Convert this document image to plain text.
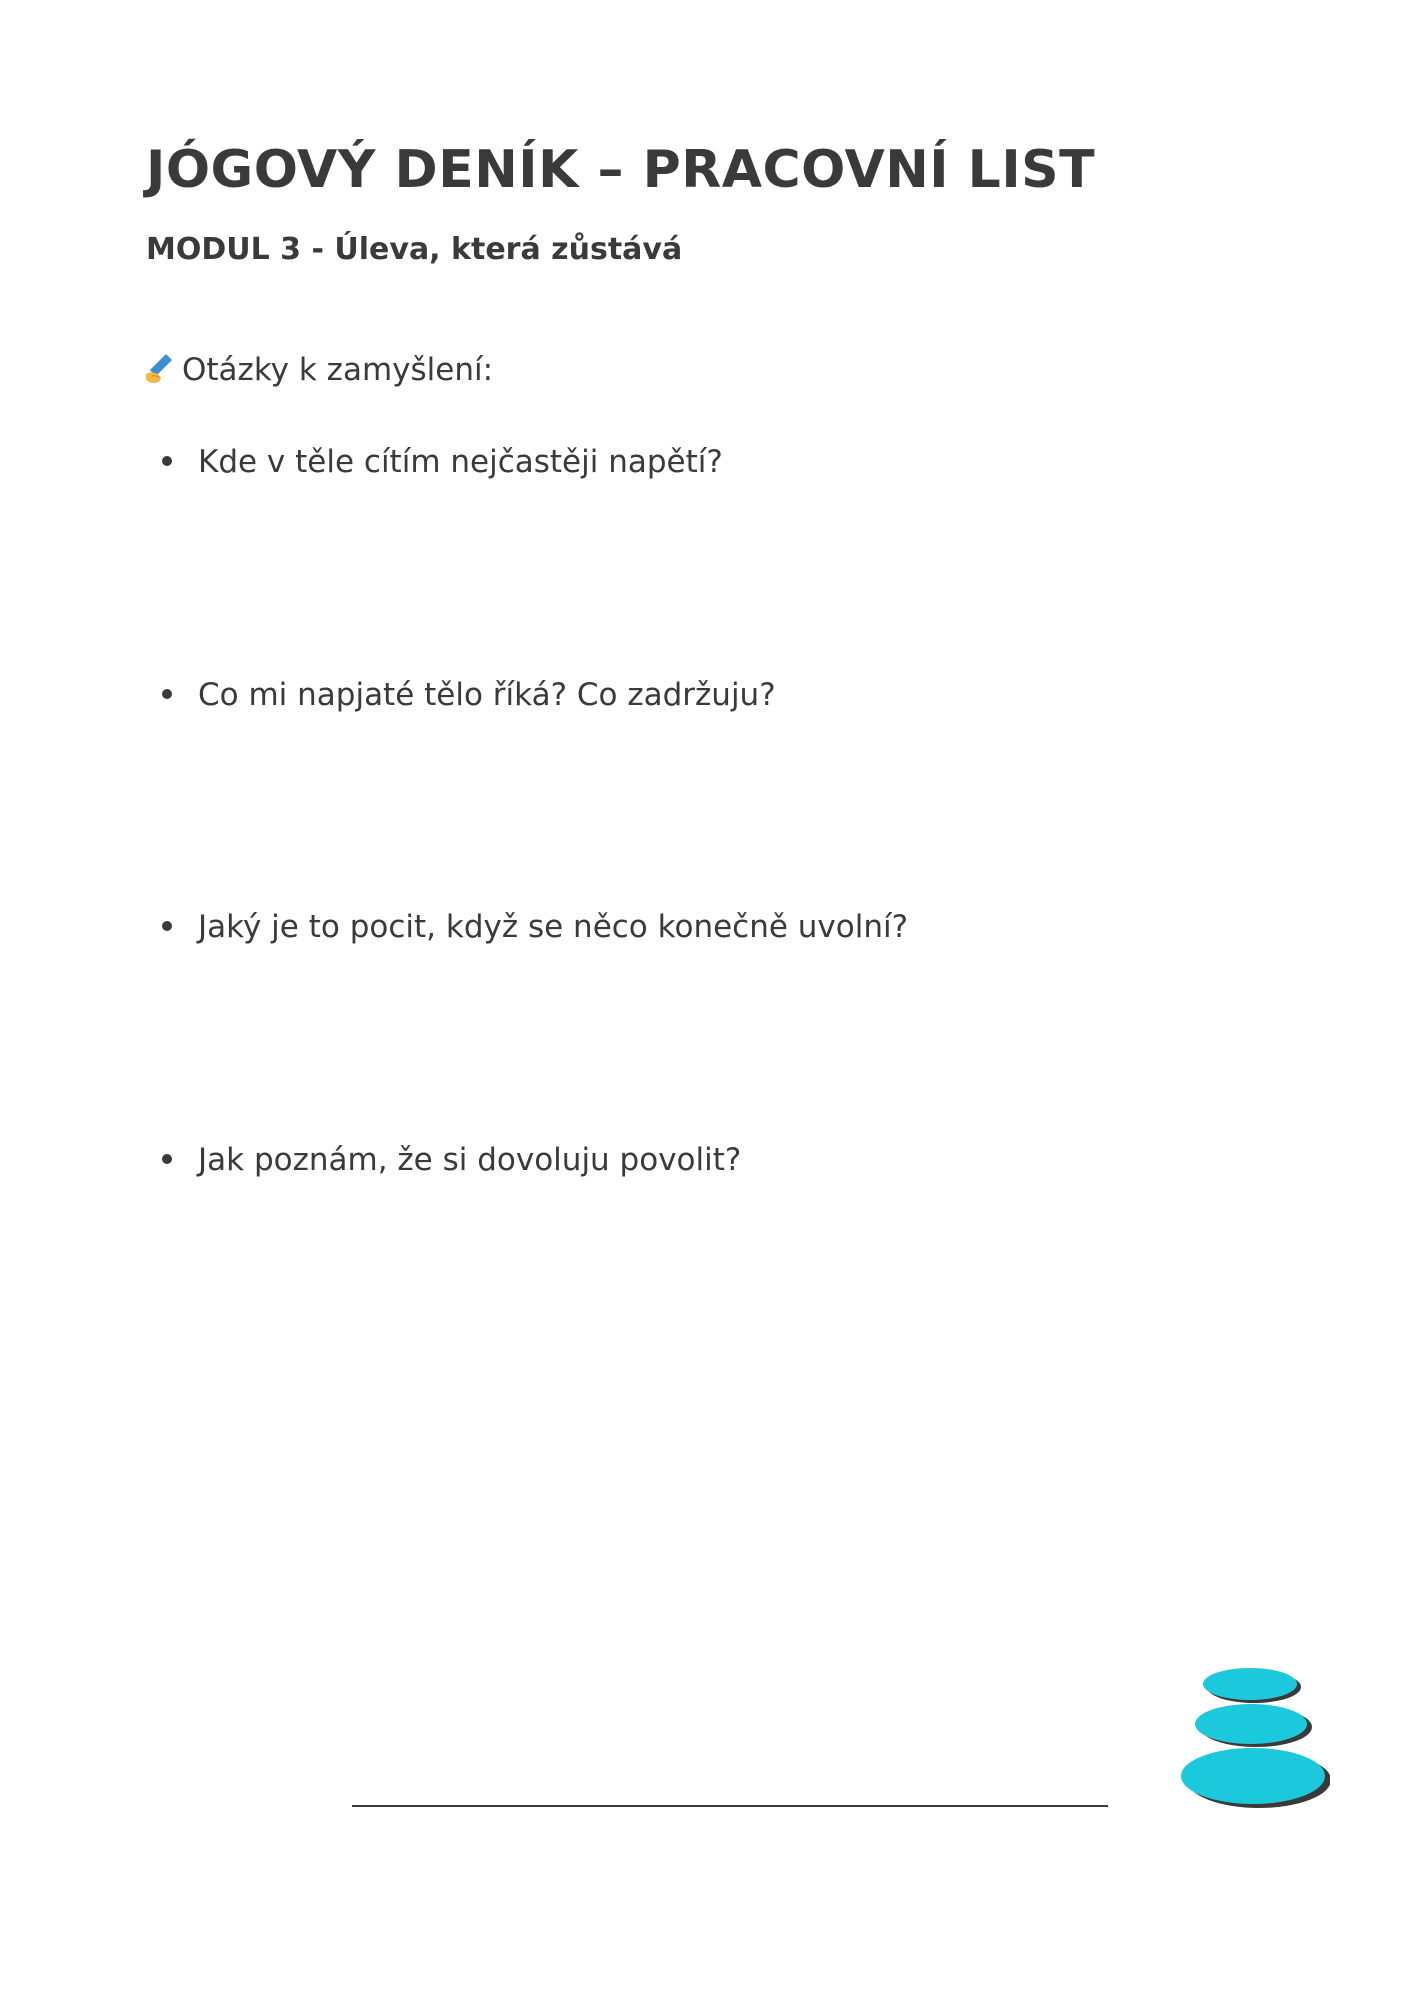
JÓGOVÝ DENÍK – PRACOVNÍ LIST
MODUL 3 - Úleva, která zůstává

Otázky k zamyšlení:

Kde v těle cítím nejčastěji napětí?

Co mi napjaté tělo říká? Co zadržuju?

Jaký je to pocit, když se něco konečně uvolní?

Jak poznám, že si dovoluju povolit?
